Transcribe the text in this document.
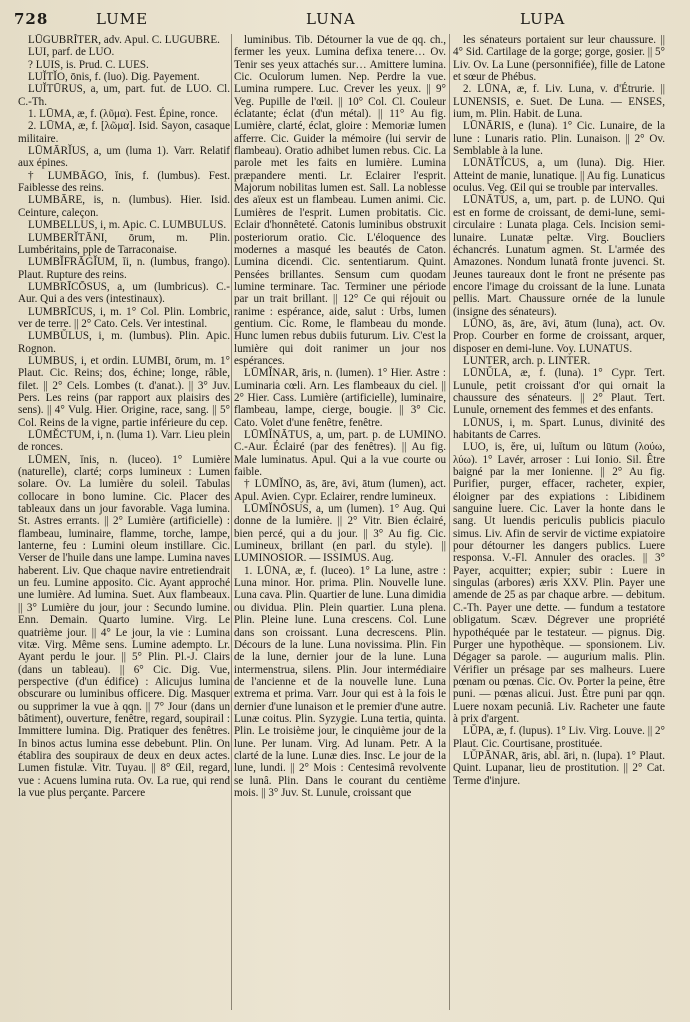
728	LUME	LUNA	LUPA

LŪGUBRĬTER, adv. Apul. C. LUGUBRE.

LUI, parf. de LUO.

? LUIS, is. Prud. C. LUES.

LUĬTĬO, ōnis, f. (luo). Dig. Payement.

LUĬTŪRUS, a, um, part. fut. de LUO. Cl. C.-Th.

1. LŪMA, æ, f. (λῦμα). Fest. Épine, ronce.

2. LŪMA, æ, f. [λῶμα]. Isid. Sayon, casaque militaire.

LŪMĀRĬUS, a, um (luma 1). Varr. Relatif aux épines.

† LUMBĀGO, ĭnis, f. (lumbus). Fest. Faiblesse des reins.

LUMBĀRE, is, n. (lumbus). Hier. Isid. Ceinture, caleçon.

LUMBELLUS, i, m. Apic. C. LUMBULUS.

LUMBERĬTĀNI, ōrum, m. Plin. Lumbéritains, pple de Tarraconaise.

LUMBĬFRĀGĬUM, ĭi, n. (lumbus, frango). Plaut. Rupture des reins.

LUMBRĪCŌSUS, a, um (lumbricus). C.-Aur. Qui a des vers (intestinaux).

LUMBRĪCUS, i, m. 1° Col. Plin. Lombric, ver de terre. || 2° Cato. Cels. Ver intestinal.

LUMBŬLUS, i, m. (lumbus). Plin. Apic. Rognon.

LUMBUS, i, et ordin. LUMBI, ōrum, m. 1° Plaut. Cic. Reins; dos, échine; longe, râble, filet. || 2° Cels. Lombes (t. d'anat.). || 3° Juv. Pers. Les reins (par rapport aux plaisirs des sens). || 4° Vulg. Hier. Origine, race, sang. || 5° Col. Reins de la vigne, partie inférieure du cep.

LŪMĔCTUM, i, n. (luma 1). Varr. Lieu plein de ronces.

LŪMEN, ĭnis, n. (luceo). 1° Lumière (naturelle), clarté; corps lumineux : Lumen solare. Ov. La lumière du soleil. Tabulas collocare in bono lumine. Cic. Placer des tableaux dans un jour favorable. Vaga lumina. St. Astres errants. || 2° Lumière (artificielle) : flambeau, luminaire, flamme, torche, lampe, lanterne, feu : Lumini oleum instillare. Cic. Verser de l'huile dans une lampe. Lumina naves haberent. Liv. Que chaque navire entretiendrait un feu. Lumine apposito. Cic. Ayant approché une lumière. Ad lumina. Suet. Aux flambeaux. || 3° Lumière du jour, jour : Secundo lumine. Enn. Demain. Quarto lumine. Virg. Le quatrième jour. || 4° Le jour, la vie : Lumina vitæ. Virg. Même sens. Lumine adempto. Lr. Ayant perdu le jour. || 5° Plin. Pl.-J. Clairs (dans un tableau). || 6° Cic. Dig. Vue, perspective (d'un édifice) : Alicujus lumina obscurare ou luminibus officere. Dig. Masquer ou supprimer la vue à qqn. || 7° Jour (dans un bâtiment), ouverture, fenêtre, regard, soupirail : Immittere lumina. Dig. Pratiquer des fenêtres. In binos actus lumina esse debebunt. Plin. On établira des soupiraux de deux en deux actes. Lumen fistulæ. Vitr. Tuyau. || 8° Œil, regard, vue : Acuens lumina ruta. Ov. La rue, qui rend la vue plus perçante. Parcere

luminibus. Tib. Détourner la vue de qq. ch., fermer les yeux. Lumina defixa tenere… Ov. Tenir ses yeux attachés sur… Amittere lumina. Cic. Oculorum lumen. Nep. Perdre la vue. Lumina rumpere. Luc. Crever les yeux. || 9° Veg. Pupille de l'œil. || 10° Col. Cl. Couleur éclatante; éclat (d'un métal). || 11° Au fig. Lumière, clarté, éclat, gloire : Memoriæ lumen afferre. Cic. Guider la mémoire (lui servir de flambeau). Oratio adhibet lumen rebus. Cic. La parole met les faits en lumière. Lumina præpandere menti. Lr. Eclairer l'esprit. Majorum nobilitas lumen est. Sall. La noblesse des aïeux est un flambeau. Lumen animi. Cic. Lumières de l'esprit. Lumen probitatis. Cic. Eclair d'honnêteté. Catonis luminibus obstruxit posteriorum oratio. Cic. L'éloquence des modernes a masqué les beautés de Caton. Lumina dicendi. Cic. sententiarum. Quint. Pensées brillantes. Sensum cum quodam lumine terminare. Tac. Terminer une période par un trait brillant. || 12° Ce qui réjouit ou ranime : espérance, aide, salut : Urbs, lumen gentium. Cic. Rome, le flambeau du monde. Hunc lumen rebus dubiis futurum. Liv. C'est la lumière qui doit ranimer un jour nos espérances.

LŪMĬNAR, āris, n. (lumen). 1° Hier. Astre : Luminaria cœli. Arn. Les flambeaux du ciel. || 2° Hier. Cass. Lumière (artificielle), luminaire, flambeau, lampe, cierge, bougie. || 3° Cic. Cato. Volet d'une fenêtre, fenêtre.

LŪMĬNĀTUS, a, um, part. p. de LUMINO. C.-Aur. Éclairé (par des fenêtres). || Au fig. Male luminatus. Apul. Qui a la vue courte ou faible.

† LŪMĬNO, ās, āre, āvi, ātum (lumen), act. Apul. Avien. Cypr. Eclairer, rendre lumineux.

LŪMĬNŌSUS, a, um (lumen). 1° Aug. Qui donne de la lumière. || 2° Vitr. Bien éclairé, bien percé, qui a du jour. || 3° Au fig. Cic. Lumineux, brillant (en parl. du style). || LUMINOSIOR. — ISSIMUS. Aug.

1. LŪNA, æ, f. (luceo). 1° La lune, astre : Luna minor. Hor. prima. Plin. Nouvelle lune. Luna cava. Plin. Quartier de lune. Luna dimidia ou dividua. Plin. Plein quartier. Luna plena. Plin. Pleine lune. Luna crescens. Col. Lune dans son croissant. Luna decrescens. Plin. Décours de la lune. Luna novissima. Plin. Fin de la lune, dernier jour de la lune. Luna intermenstrua, silens. Plin. Jour intermédiaire de l'ancienne et de la nouvelle lune. Luna extrema et prima. Varr. Jour qui est à la fois le dernier d'une lunaison et le premier d'une autre. Lunæ coitus. Plin. Syzygie. Luna tertia, quinta. Plin. Le troisième jour, le cinquième jour de la lune. Per lunam. Virg. Ad lunam. Petr. A la clarté de la lune. Lunæ dies. Insc. Le jour de la lune, lundi. || 2° Mois : Centesimâ revolvente se lunâ. Plin. Dans le courant du centième mois. || 3° Juv. St. Lunule, croissant que

les sénateurs portaient sur leur chaussure. || 4° Sid. Cartilage de la gorge; gorge, gosier. || 5° Liv. Ov. La Lune (personnifiée), fille de Latone et sœur de Phébus.

2. LŪNA, æ, f. Liv. Luna, v. d'Étrurie. || LUNENSIS, e. Suet. De Luna. — ENSES, ium, m. Plin. Habit. de Luna.

LŪNĀRIS, e (luna). 1° Cic. Lunaire, de la lune : Lunaris ratio. Plin. Lunaison. || 2° Ov. Semblable à la lune.

LŪNĀTĬCUS, a, um (luna). Dig. Hier. Atteint de manie, lunatique. || Au fig. Lunaticus oculus. Veg. Œil qui se trouble par intervalles.

LŪNĀTUS, a, um, part. p. de LUNO. Qui est en forme de croissant, de demi-lune, semi-circulaire : Lunata plaga. Cels. Incision semi-lunaire. Lunatæ peltæ. Virg. Boucliers échancrés. Lunatum agmen. St. L'armée des Amazones. Nondum lunatâ fronte juvenci. St. Jeunes taureaux dont le front ne présente pas encore l'image du croissant de la lune. Lunata pellis. Mart. Chaussure ornée de la lunule (insigne des sénateurs).

LŪNO, ās, āre, āvi, ātum (luna), act. Ov. Prop. Courber en forme de croissant, arquer, disposer en demi-lune. Voy. LUNATUS.

LUNTER, arch. p. LINTER.

LŪNŬLA, æ, f. (luna). 1° Cypr. Tert. Lunule, petit croissant d'or qui ornait la chaussure des sénateurs. || 2° Plaut. Tert. Lunule, ornement des femmes et des enfants.

LŪNUS, i, m. Spart. Lunus, divinité des habitants de Carres.

LUO, is, ĕre, ui, luĭtum ou lūtum (λούω, λύω). 1° Lavér, arroser : Lui Ionio. Sil. Être baigné par la mer Ionienne. || 2° Au fig. Purifier, purger, effacer, racheter, expier, éloigner par des expiations : Libidinem sanguine luere. Cic. Laver la honte dans le sang. Ut luendis periculis publicis piaculo simus. Liv. Afin de servir de victime expiatoire pour détourner les dangers publics. Luere responsa. V.-Fl. Annuler des oracles. || 3° Payer, acquitter; expier; subir : Luere in singulas (arbores) æris XXV. Plin. Payer une amende de 25 as par chaque arbre. — debitum. C.-Th. Payer une dette. — fundum a testatore obligatum. Scæv. Dégrever une propriété hypothéquée par le testateur. — pignus. Dig. Purger une hypothèque. — sponsionem. Liv. Dégager sa parole. — augurium malis. Plin. Vérifier un présage par ses malheurs. Luere pœnam ou pœnas. Cic. Ov. Porter la peine, être puni. — pœnas alicui. Just. Être puni par qqn. Luere noxam pecuniâ. Liv. Racheter une faute à prix d'argent.

LŬPA, æ, f. (lupus). 1° Liv. Virg. Louve. || 2° Plaut. Cic. Courtisane, prostituée.

LŬPĀNAR, āris, abl. āri, n. (lupa). 1° Plaut. Quint. Lupanar, lieu de prostitution. || 2° Cat. Terme d'injure.
